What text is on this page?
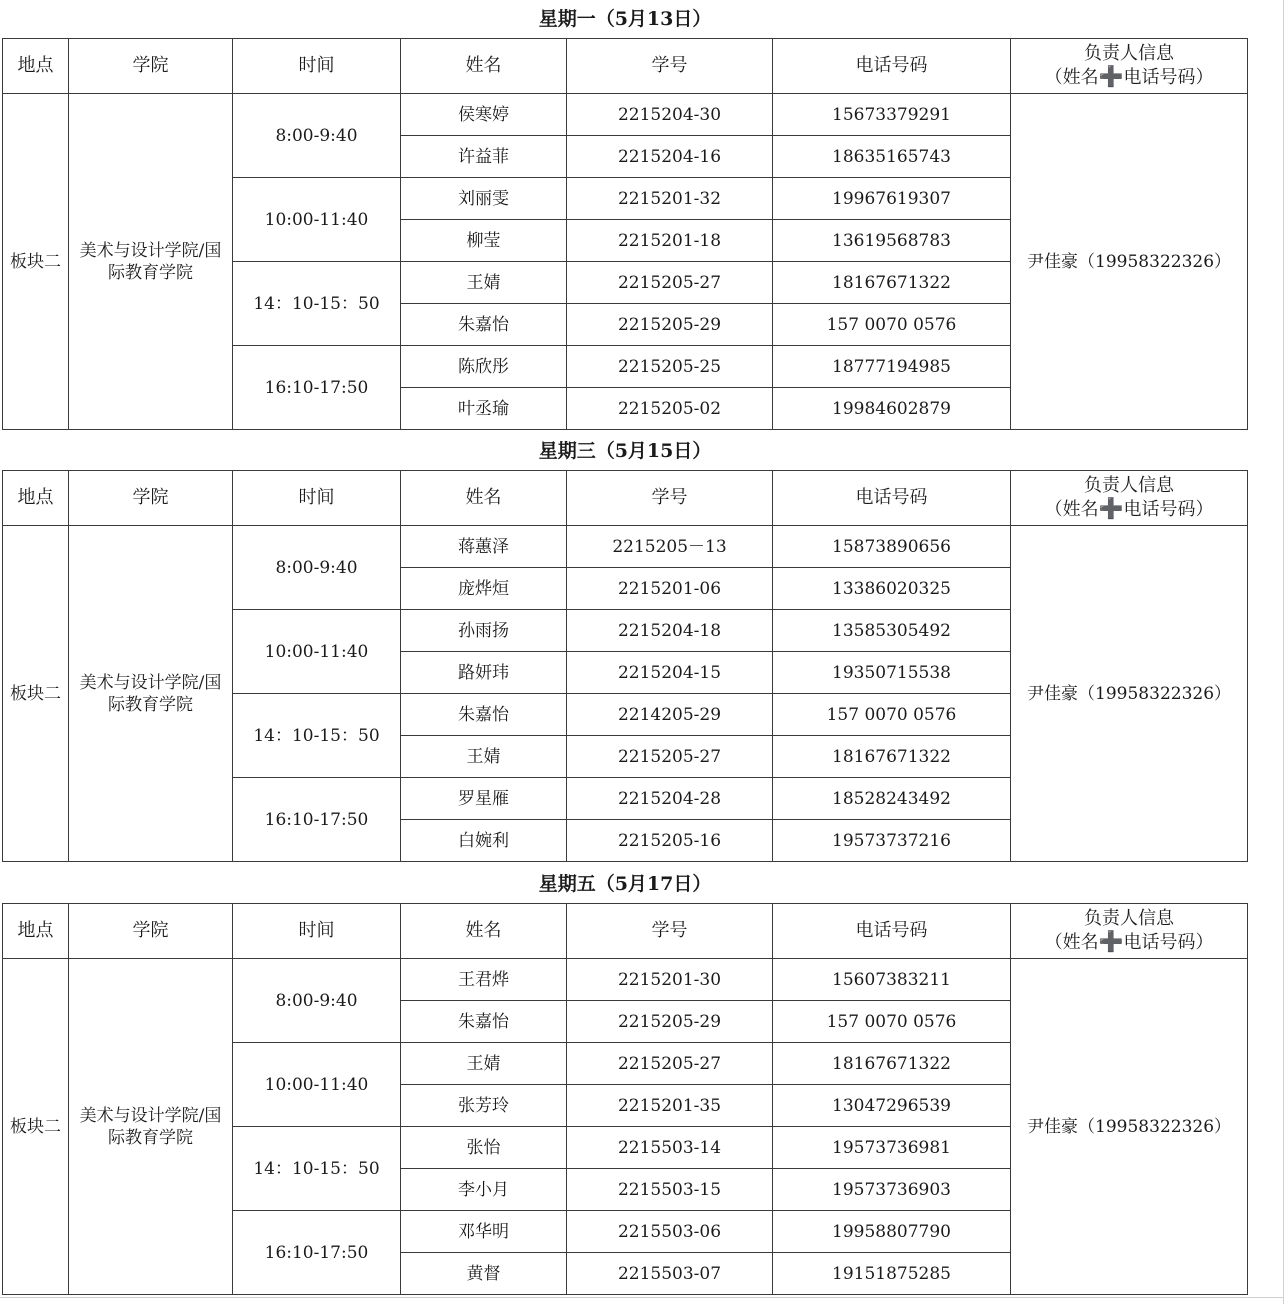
星期一（5月13日）						
地点	学院	时间	姓名	学号	电话号码	负责人信息
（姓名➕电话号码）

板块二	美术与设计学院/国际教育学院	8:00-9:40	侯寒婷	2215204-30	15673379291	尹佳豪（19958322326）
			许益菲	2215204-16	18635165743	
		10:00-11:40	刘丽雯	2215201-32	19967619307	
			柳莹	2215201-18	13619568783	
		14：10-15：50	王婧	2215205-27	18167671322	
			朱嘉怡	2215205-29	157 0070 0576	
		16:10-17:50	陈欣彤	2215205-25	18777194985	
			叶丞瑜	2215205-02	19984602879	
星期三（5月15日）						
地点	学院	时间	姓名	学号	电话号码	负责人信息
（姓名➕电话号码）

板块二	美术与设计学院/国际教育学院	8:00-9:40	蒋蕙泽	2215205－13	15873890656	尹佳豪（19958322326）
			庞烨烜	2215201-06	13386020325	
		10:00-11:40	孙雨扬	2215204-18	13585305492	
			路妍玮	2215204-15	19350715538	
		14：10-15：50	朱嘉怡	2214205-29	157 0070 0576	
			王婧	2215205-27	18167671322	
		16:10-17:50	罗星雁	2215204-28	18528243492	
			白婉利	2215205-16	19573737216	
星期五（5月17日）						
地点	学院	时间	姓名	学号	电话号码	负责人信息
（姓名➕电话号码）

板块二	美术与设计学院/国际教育学院	8:00-9:40	王君烨	2215201-30	15607383211	尹佳豪（19958322326）
			朱嘉怡	2215205-29	157 0070 0576	
		10:00-11:40	王婧	2215205-27	18167671322	
			张芳玲	2215201-35	13047296539	
		14：10-15：50	张怡	2215503-14	19573736981	
			李小月	2215503-15	19573736903	
		16:10-17:50	邓华明	2215503-06	19958807790	
			黄督	2215503-07	19151875285	
